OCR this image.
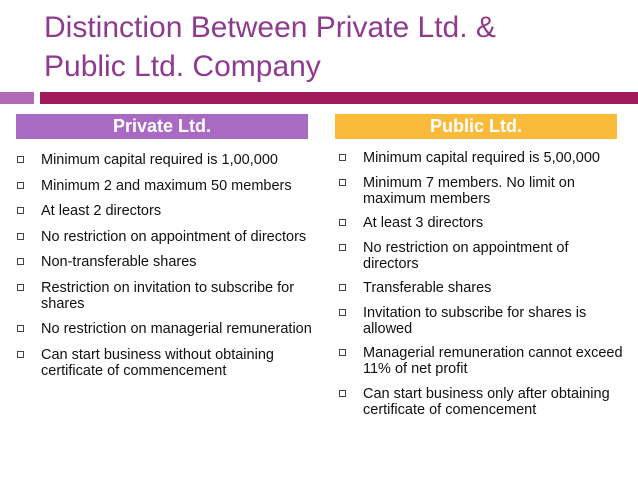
Distinction Between Private Ltd. &
Public Ltd. Company
Private Ltd.	Public Ltd.
Minimum capital required is 1,00,000
Minimum 2 and maximum 50 members
At least 2 directors
No restriction on appointment of directors
Non-transferable shares
Restriction on invitation to subscribe for shares
No restriction on managerial remuneration
Can start business without obtaining certificate of commencement
Minimum capital required is 5,00,000
Minimum 7 members. No limit on maximum members
At least 3 directors
No restriction on appointment of directors
Transferable shares
Invitation to subscribe for shares is allowed
Managerial remuneration cannot exceed 11% of net profit
Can start business only after obtaining certificate of comencement
